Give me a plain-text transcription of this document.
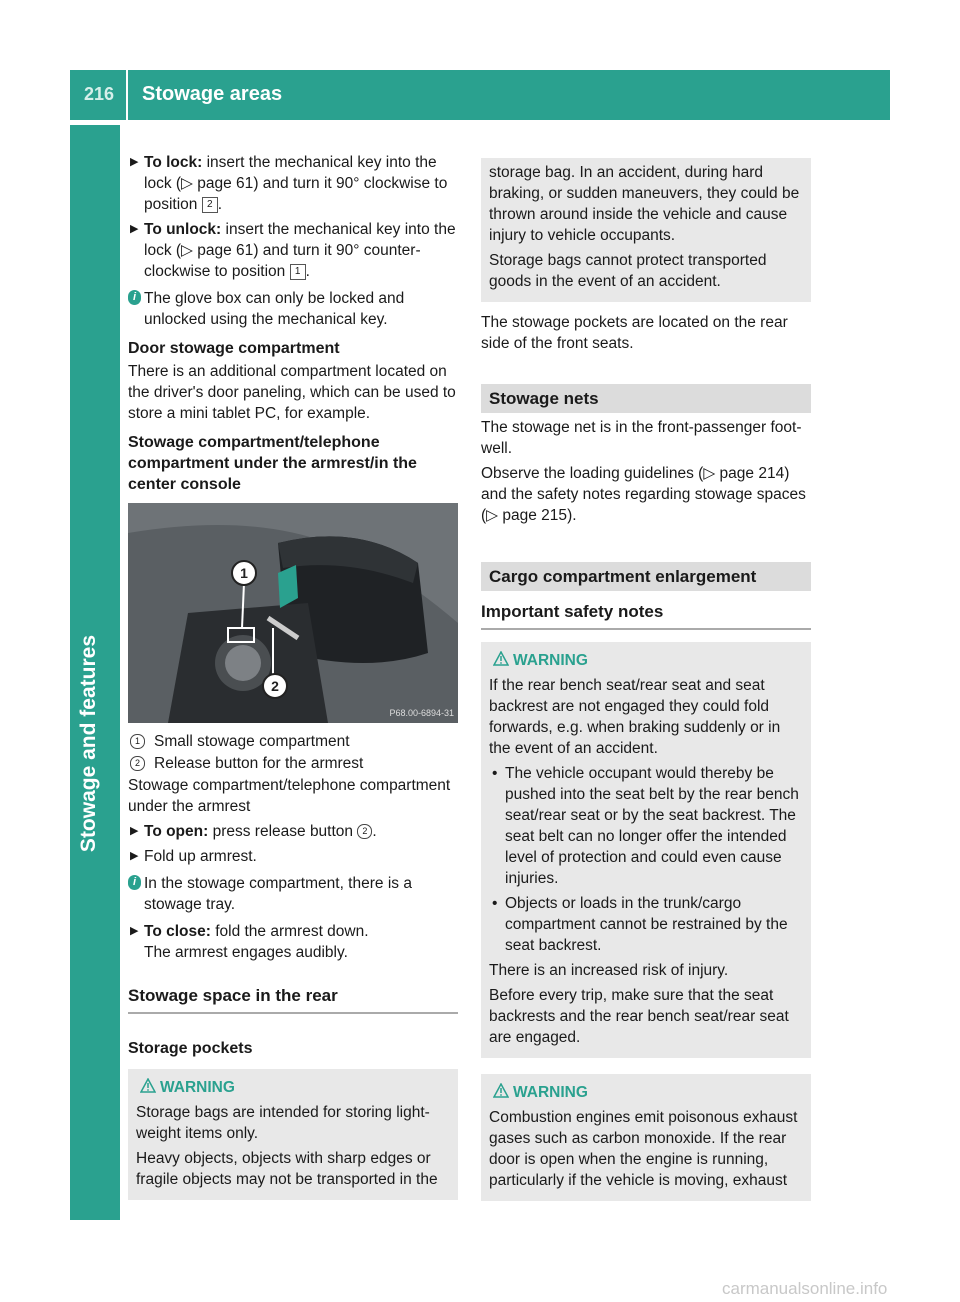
216 Stowage areas
Stowage and features
▶ To lock: insert the mechanical key into the lock (▷ page 61) and turn it 90° clockwise to position 2 .
▶ To unlock: insert the mechanical key into the lock (▷ page 61) and turn it 90° counter-clockwise to position 1 .
i The glove box can only be locked and unlocked using the mechanical key.
Door stowage compartment

There is an additional compartment located on the driver's door paneling, which can be used to store a mini tablet PC, for example.

Stowage compartment/telephone compartment under the armrest/in the center console
1
2
P68.00-6894-31
1 Small stowage compartment
2 Release button for the armrest

Stowage compartment/telephone compartment under the armrest

▶ To open: press release button 2 .
▶ Fold up armrest.
i In the stowage compartment, there is a stowage tray.
▶ To close: fold the armrest down.
The armrest engages audibly.
Stowage space in the rear
Storage pockets
WARNING

Storage bags are intended for storing light-weight items only.

Heavy objects, objects with sharp edges or fragile objects may not be transported in the

storage bag. In an accident, during hard braking, or sudden maneuvers, they could be thrown around inside the vehicle and cause injury to vehicle occupants.

Storage bags cannot protect transported goods in the event of an accident.

The stowage pockets are located on the rear side of the front seats.

Stowage nets

The stowage net is in the front-passenger foot-well.

Observe the loading guidelines (▷ page 214) and the safety notes regarding stowage spaces (▷ page 215).

Cargo compartment enlargement
Important safety notes
WARNING

If the rear bench seat/rear seat and seat backrest are not engaged they could fold forwards, e.g. when braking suddenly or in the event of an accident.

• The vehicle occupant would thereby be pushed into the seat belt by the rear bench seat/rear seat or by the seat backrest. The seat belt can no longer offer the intended level of protection and could even cause injuries.
• Objects or loads in the trunk/cargo compartment cannot be restrained by the seat backrest.

There is an increased risk of injury.

Before every trip, make sure that the seat backrests and the rear bench seat/rear seat are engaged.

WARNING

Combustion engines emit poisonous exhaust gases such as carbon monoxide. If the rear door is open when the engine is running, particularly if the vehicle is moving, exhaust

carmanualsonline.info
